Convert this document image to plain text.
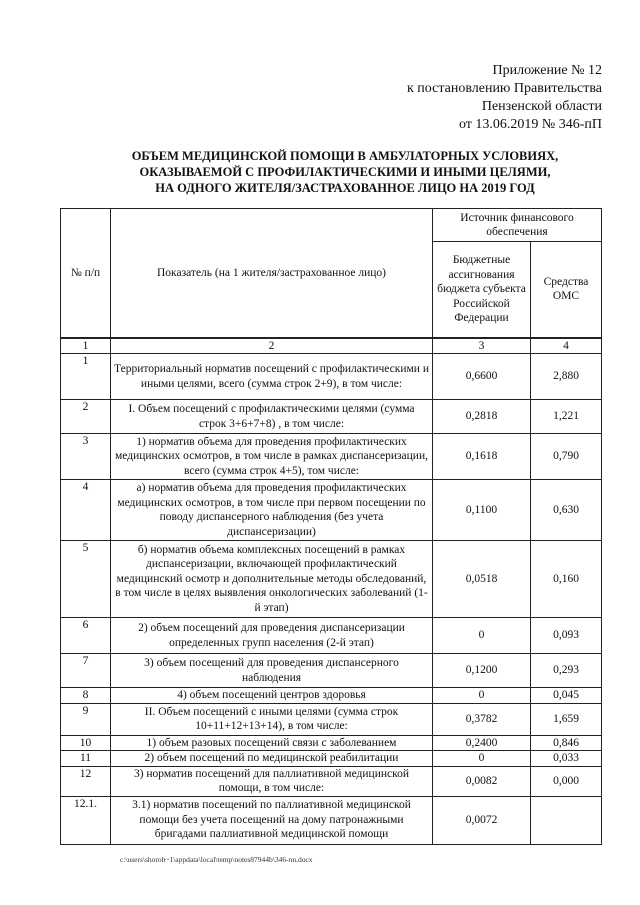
Приложение № 12
к постановлению Правительства
Пензенской области
от 13.06.2019 № 346-пП
ОБЪЕМ МЕДИЦИНСКОЙ ПОМОЩИ В АМБУЛАТОРНЫХ УСЛОВИЯХ,
ОКАЗЫВАЕМОЙ С ПРОФИЛАКТИЧЕСКИМИ И ИНЫМИ ЦЕЛЯМИ,
НА ОДНОГО ЖИТЕЛЯ/ЗАСТРАХОВАННОЕ ЛИЦО НА 2019 ГОД
№ п/п	Показатель (на 1 жителя/застрахованное лицо)	Источник финансового обеспечения	
		Бюджетные ассигнования бюджета субъекта Российской Федерации	Средства ОМС
1	2	3	4
1	Территориальный норматив посещений с профилактическими и иными целями, всего (сумма строк 2+9), в том числе:	0,6600	2,880
2	I. Объем посещений с профилактическими целями (сумма строк 3+6+7+8) , в том числе:	0,2818	1,221
3	1) норматив объема для проведения профилактических медицинских осмотров, в том числе в рамках диспансеризации, всего (сумма строк 4+5), том числе:	0,1618	0,790
4	а) норматив объема для проведения профилактических медицинских осмотров, в том числе при первом посещении по поводу диспансерного наблюдения (без учета диспансеризации)	0,1100	0,630
5	б) норматив объема комплексных посещений в рамках диспансеризации, включающей профилактический медицинский осмотр и дополнительные методы обследований, в том числе в целях выявления онкологических заболеваний (1-й этап)	0,0518	0,160
6	2) объем посещений для проведения диспансеризации определенных групп населения (2-й этап)	0	0,093
7	3) объем посещений для проведения диспансерного наблюдения	0,1200	0,293
8	4) объем посещений центров здоровья	0	0,045
9	II. Объем посещений с иными целями (сумма строк 10+11+12+13+14), в том числе:	0,3782	1,659
10	1) объем разовых посещений связи с заболеванием	0,2400	0,846
11	2) объем посещений по медицинской реабилитации	0	0,033
12	3) норматив посещений для паллиативной медицинской помощи, в том числе:	0,0082	0,000
12.1.	3.1) норматив посещений по паллиативной медицинской помощи без учета посещений на дому патронажными бригадами паллиативной медицинской помощи	0,0072	
c:\users\shoroh~1\appdata\local\temp\notes87944b\346-nn.docx
